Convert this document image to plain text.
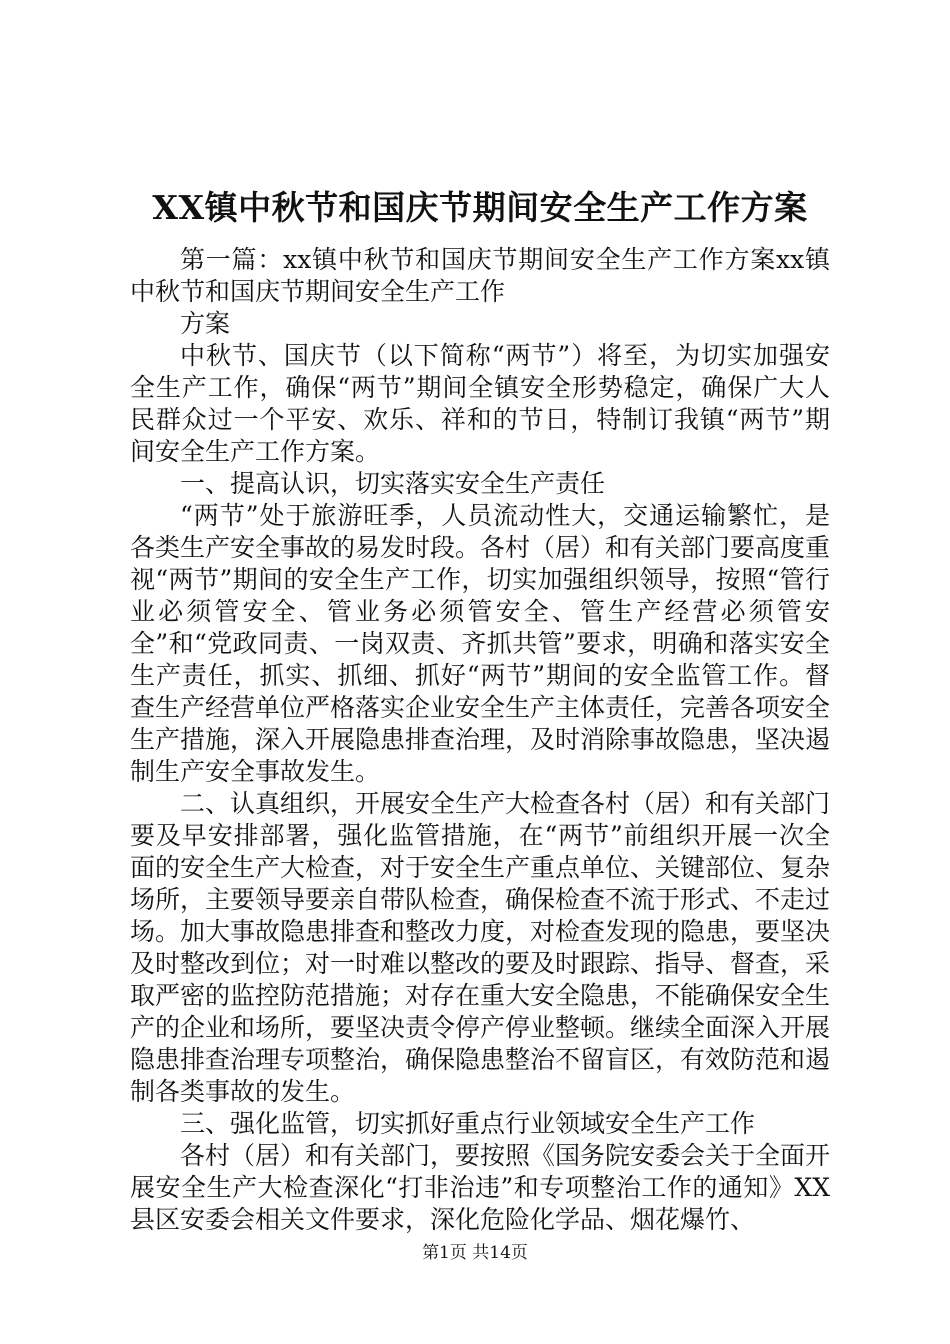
XX镇中秋节和国庆节期间安全生产工作方案

第一篇：xx镇中秋节和国庆节期间安全生产工作方案xx镇中秋节和国庆节期间安全生产工作

方案

中秋节、国庆节（以下简称“两节”）将至，为切实加强安全生产工作，确保“两节”期间全镇安全形势稳定，确保广大人民群众过一个平安、欢乐、祥和的节日，特制订我镇“两节”期间安全生产工作方案。

一、提高认识，切实落实安全生产责任

“两节”处于旅游旺季，人员流动性大，交通运输繁忙，是各类生产安全事故的易发时段。各村（居）和有关部门要高度重视“两节”期间的安全生产工作，切实加强组织领导，按照“管行业必须管安全、管业务必须管安全、管生产经营必须管安全”和“党政同责、一岗双责、齐抓共管”要求，明确和落实安全生产责任，抓实、抓细、抓好“两节”期间的安全监管工作。督查生产经营单位严格落实企业安全生产主体责任，完善各项安全生产措施，深入开展隐患排查治理，及时消除事故隐患，坚决遏制生产安全事故发生。

二、认真组织，开展安全生产大检查各村（居）和有关部门要及早安排部署，强化监管措施，在“两节”前组织开展一次全面的安全生产大检查，对于安全生产重点单位、关键部位、复杂场所，主要领导要亲自带队检查，确保检查不流于形式、不走过场。加大事故隐患排查和整改力度，对检查发现的隐患，要坚决及时整改到位；对一时难以整改的要及时跟踪、指导、督查，采取严密的监控防范措施；对存在重大安全隐患，不能确保安全生产的企业和场所，要坚决责令停产停业整顿。继续全面深入开展隐患排查治理专项整治，确保隐患整治不留盲区，有效防范和遏制各类事故的发生。

三、强化监管，切实抓好重点行业领域安全生产工作

各村（居）和有关部门，要按照《国务院安委会关于全面开展安全生产大检查深化“打非治违”和专项整治工作的通知》XX县区安委会相关文件要求，深化危险化学品、烟花爆竹、

第1页 共14页
